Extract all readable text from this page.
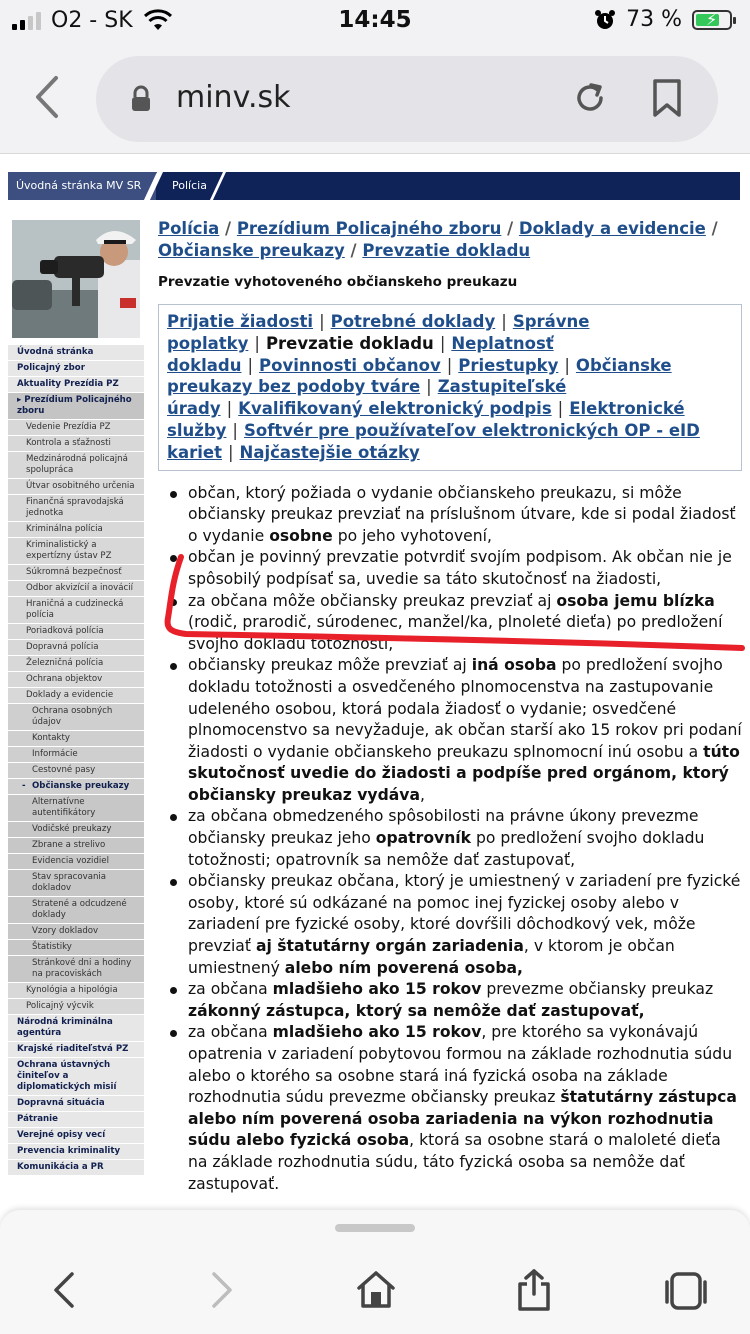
O2 - SK	14:45	73 % ⚡
minv.sk
Úvodná stránka MV SR	Polícia
Úvodná stránka
Policajný zbor
Aktuality Prezídia PZ
▸ Prezídium Policajného zboru
Vedenie Prezídia PZ
Kontrola a sťažnosti
Medzinárodná policajná spolupráca
Útvar osobitného určenia
Finančná spravodajská jednotka
Kriminálna polícia
Kriminalistický a expertízny ústav PZ
Súkromná bezpečnosť
Odbor akvizícií a inovácií
Hraničná a cudzinecká polícia
Poriadková polícia
Dopravná polícia
Železničná polícia
Ochrana objektov
Doklady a evidencie
Ochrana osobných údajov
Kontakty
Informácie
Cestovné pasy
- Občianske preukazy
Alternatívne autentifikátory
Vodičské preukazy
Zbrane a strelivo
Evidencia vozidiel
Stav spracovania dokladov
Stratené a odcudzené doklady
Vzory dokladov
Štatistiky
Stránkové dni a hodiny na pracoviskách
Kynológia a hipológia
Policajný výcvik
Národná kriminálna agentúra
Krajské riaditeľstvá PZ
Ochrana ústavných činiteľov a diplomatických misií
Dopravná situácia
Pátranie
Verejné opisy vecí
Prevencia kriminality
Komunikácia a PR
Polícia / Prezídium Policajného zboru / Doklady a evidencie / Občianske preukazy / Prevzatie dokladu
Prevzatie vyhotoveného občianskeho preukazu
Prijatie žiadosti | Potrebné doklady | Správne poplatky | Prevzatie dokladu | Neplatnosť dokladu | Povinnosti občanov | Priestupky | Občianske preukazy bez podoby tváre | Zastupiteľské úrady | Kvalifikovaný elektronický podpis | Elektronické služby | Softvér pre používateľov elektronických OP - eID kariet | Najčastejšie otázky
občan, ktorý požiada o vydanie občianskeho preukazu, si môže občiansky preukaz prevziať na príslušnom útvare, kde si podal žiadosť o vydanie osobne po jeho vyhotovení,
občan je povinný prevzatie potvrdiť svojím podpisom. Ak občan nie je spôsobilý podpísať sa, uvedie sa táto skutočnosť na žiadosti,
za občana môže občiansky preukaz prevziať aj osoba jemu blízka (rodič, prarodič, súrodenec, manžel/ka, plnoleté dieťa) po predložení svojho dokladu totožnosti,
občiansky preukaz môže prevziať aj iná osoba po predložení svojho dokladu totožnosti a osvedčeného plnomocenstva na zastupovanie udeleného osobou, ktorá podala žiadosť o vydanie; osvedčené plnomocenstvo sa nevyžaduje, ak občan starší ako 15 rokov pri podaní žiadosti o vydanie občianskeho preukazu splnomocní inú osobu a túto skutočnosť uvedie do žiadosti a podpíše pred orgánom, ktorý občiansky preukaz vydáva,
za občana obmedzeného spôsobilosti na právne úkony prevezme občiansky preukaz jeho opatrovník po predložení svojho dokladu totožnosti; opatrovník sa nemôže dať zastupovať,
občiansky preukaz občana, ktorý je umiestnený v zariadení pre fyzické osoby, ktoré sú odkázané na pomoc inej fyzickej osoby alebo v zariadení pre fyzické osoby, ktoré dovŕšili dôchodkový vek, môže prevziať aj štatutárny orgán zariadenia, v ktorom je občan umiestnený alebo ním poverená osoba,
za občana mladšieho ako 15 rokov prevezme občiansky preukaz zákonný zástupca, ktorý sa nemôže dať zastupovať,
za občana mladšieho ako 15 rokov, pre ktorého sa vykonávajú opatrenia v zariadení pobytovou formou na základe rozhodnutia súdu alebo o ktorého sa osobne stará iná fyzická osoba na základe rozhodnutia súdu prevezme občiansky preukaz štatutárny zástupca alebo ním poverená osoba zariadenia na výkon rozhodnutia súdu alebo fyzická osoba, ktorá sa osobne stará o maloleté dieťa na základe rozhodnutia súdu, táto fyzická osoba sa nemôže dať zastupovať.
